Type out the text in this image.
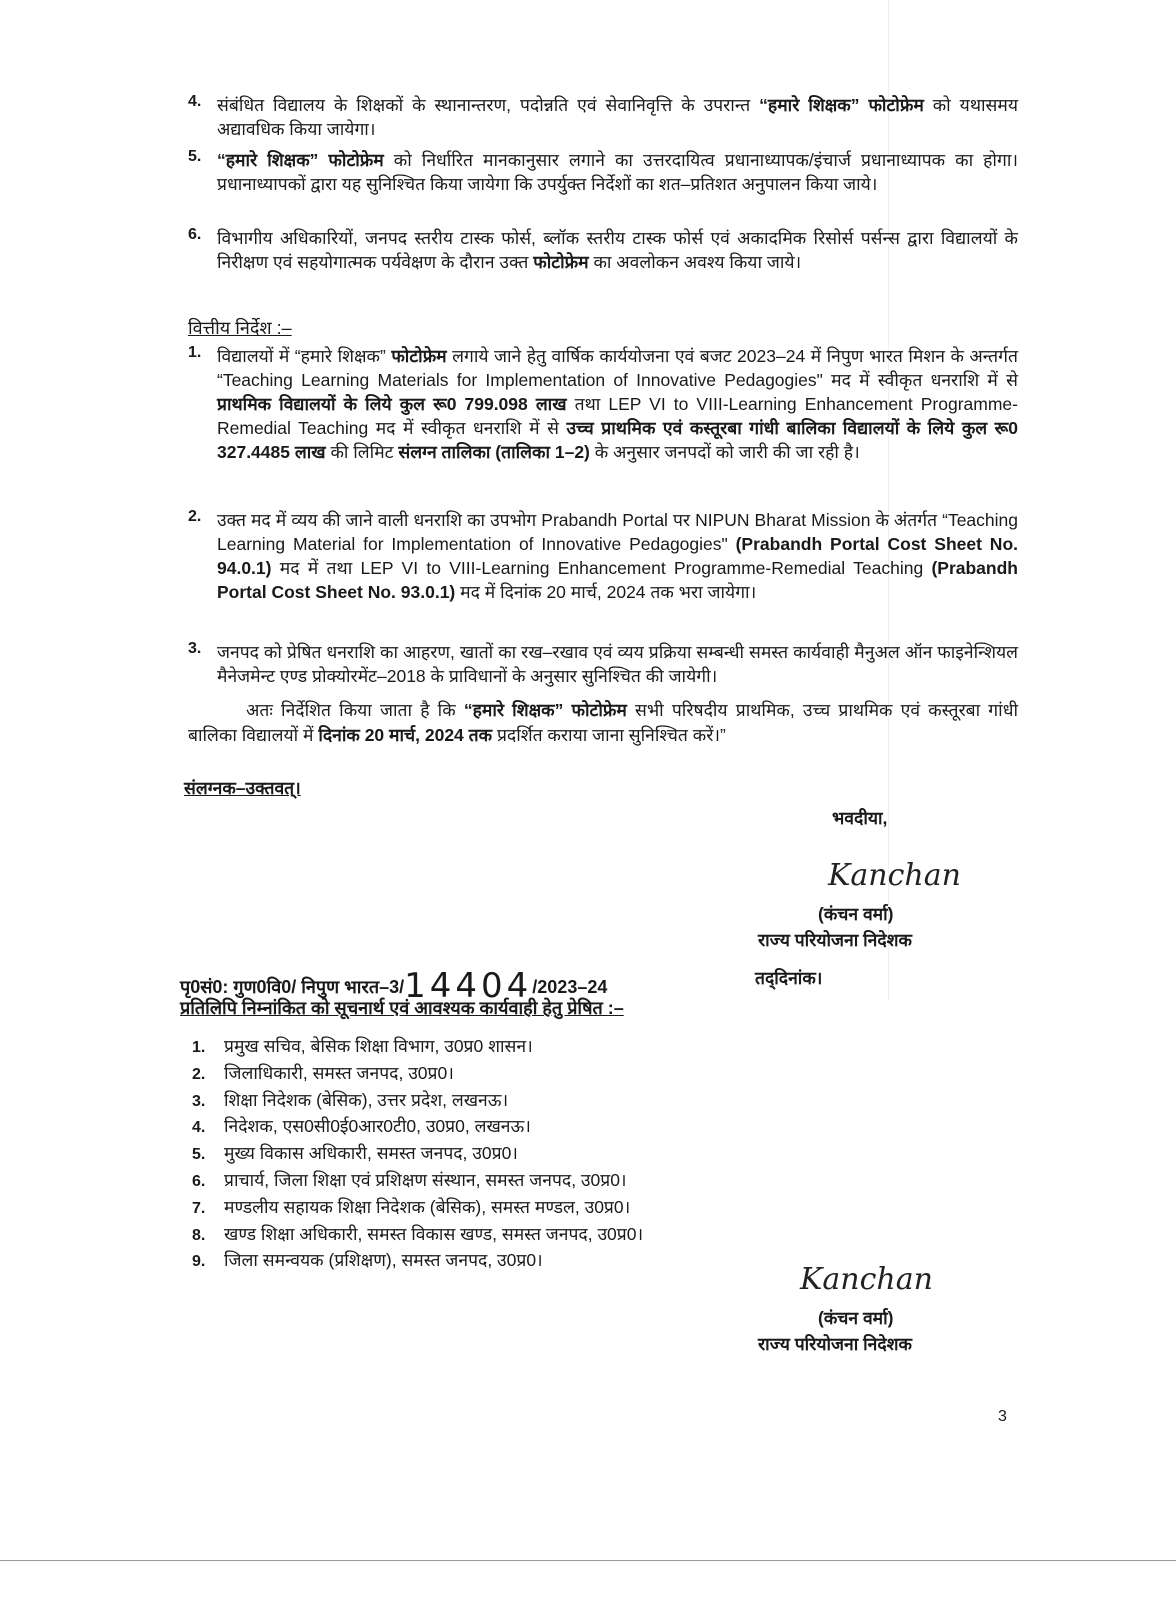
4. संबंधित विद्यालय के शिक्षकों के स्थानान्तरण, पदोन्नति एवं सेवानिवृत्ति के उपरान्त “हमारे शिक्षक” फोटोफ्रेम को यथासमय अद्यावधिक किया जायेगा।
5. “हमारे शिक्षक” फोटोफ्रेम को निर्धारित मानकानुसार लगाने का उत्तरदायित्व प्रधानाध्यापक/इंचार्ज प्रधानाध्यापक का होगा। प्रधानाध्यापकों द्वारा यह सुनिश्चित किया जायेगा कि उपर्युक्त निर्देशों का शत–प्रतिशत अनुपालन किया जाये।
6. विभागीय अधिकारियों, जनपद स्तरीय टास्क फोर्स, ब्लॉक स्तरीय टास्क फोर्स एवं अकादमिक रिसोर्स पर्सन्स द्वारा विद्यालयों के निरीक्षण एवं सहयोगात्मक पर्यवेक्षण के दौरान उक्त फोटोफ्रेम का अवलोकन अवश्य किया जाये।
वित्तीय निर्देश :–
1. विद्यालयों में “हमारे शिक्षक” फोटोफ्रेम लगाये जाने हेतु वार्षिक कार्ययोजना एवं बजट 2023–24 में निपुण भारत मिशन के अन्तर्गत “Teaching Learning Materials for Implementation of Innovative Pedagogies" मद में स्वीकृत धनराशि में से प्राथमिक विद्यालयों के लिये कुल रू0 799.098 लाख तथा LEP VI to VIII-Learning Enhancement Programme-Remedial Teaching मद में स्वीकृत धनराशि में से उच्च प्राथमिक एवं कस्तूरबा गांधी बालिका विद्यालयों के लिये कुल रू0 327.4485 लाख की लिमिट संलग्न तालिका (तालिका 1–2) के अनुसार जनपदों को जारी की जा रही है।
2. उक्त मद में व्यय की जाने वाली धनराशि का उपभोग Prabandh Portal पर NIPUN Bharat Mission के अंतर्गत “Teaching Learning Material for Implementation of Innovative Pedagogies" (Prabandh Portal Cost Sheet No. 94.0.1) मद में तथा LEP VI to VIII-Learning Enhancement Programme-Remedial Teaching (Prabandh Portal Cost Sheet No. 93.0.1) मद में दिनांक 20 मार्च, 2024 तक भरा जायेगा।
3. जनपद को प्रेषित धनराशि का आहरण, खातों का रख–रखाव एवं व्यय प्रक्रिया सम्बन्धी समस्त कार्यवाही मैनुअल ऑन फाइनेन्शियल मैनेजमेन्ट एण्ड प्रोक्योरमेंट–2018 के प्राविधानों के अनुसार सुनिश्चित की जायेगी।
अतः निर्देशित किया जाता है कि “हमारे शिक्षक” फोटोफ्रेम सभी परिषदीय प्राथमिक, उच्च प्राथमिक एवं कस्तूरबा गांधी बालिका विद्यालयों में दिनांक 20 मार्च, 2024 तक प्रदर्शित कराया जाना सुनिश्चित करें।”
संलग्नक–उक्तवत्।
भवदीया,
Kanchan
(कंचन वर्मा)
राज्य परियोजना निदेशक
पृ0सं0: गुण0वि0/ निपुण भारत–3/14404/2023–24	तद्‌दिनांक।
प्रतिलिपि निम्नांकित को सूचनार्थ एवं आवश्यक कार्यवाही हेतु प्रेषित :–
1. प्रमुख सचिव, बेसिक शिक्षा विभाग, उ0प्र0 शासन।
2. जिलाधिकारी, समस्त जनपद, उ0प्र0।
3. शिक्षा निदेशक (बेसिक), उत्तर प्रदेश, लखनऊ।
4. निदेशक, एस0सी0ई0आर0टी0, उ0प्र0, लखनऊ।
5. मुख्य विकास अधिकारी, समस्त जनपद, उ0प्र0।
6. प्राचार्य, जिला शिक्षा एवं प्रशिक्षण संस्थान, समस्त जनपद, उ0प्र0।
7. मण्डलीय सहायक शिक्षा निदेशक (बेसिक), समस्त मण्डल, उ0प्र0।
8. खण्ड शिक्षा अधिकारी, समस्त विकास खण्ड, समस्त जनपद, उ0प्र0।
9. जिला समन्वयक (प्रशिक्षण), समस्त जनपद, उ0प्र0।
Kanchan
(कंचन वर्मा)
राज्य परियोजना निदेशक
3
